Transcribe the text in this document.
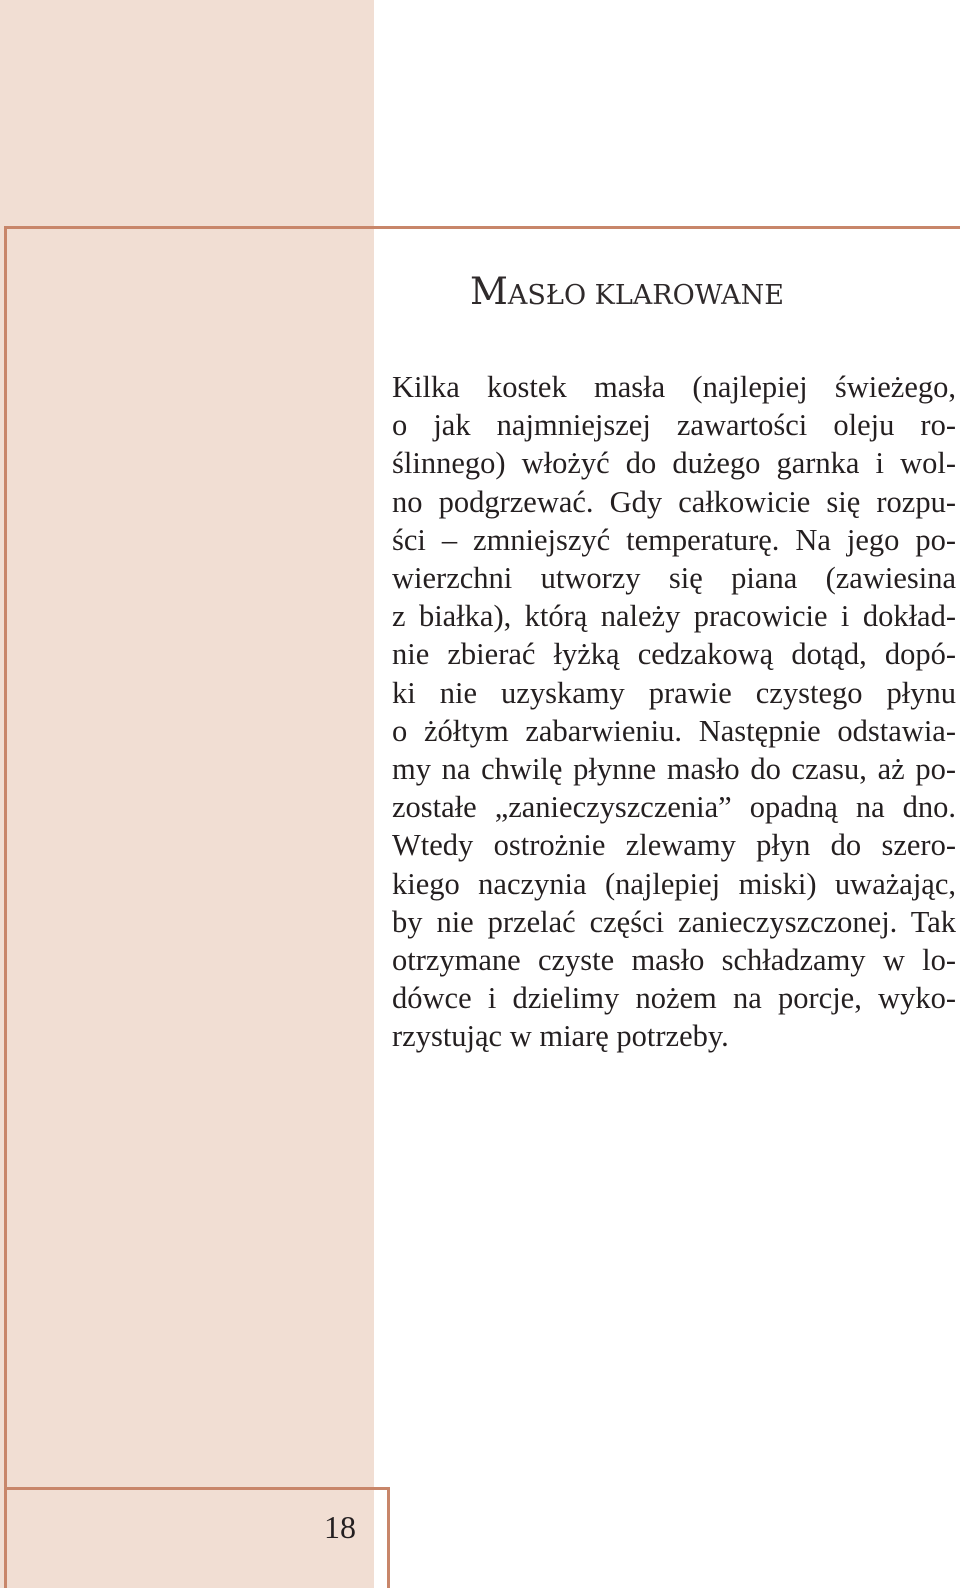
MASŁO KLAROWANE
Kilka kostek masła (najlepiej świeżego,
o jak najmniejszej zawartości oleju ro-
ślinnego) włożyć do dużego garnka i wol-
no podgrzewać. Gdy całkowicie się rozpu-
ści – zmniejszyć temperaturę. Na jego po-
wierzchni utworzy się piana (zawiesina
z białka), którą należy pracowicie i dokład-
nie zbierać łyżką cedzakową dotąd, dopó-
ki nie uzyskamy prawie czystego płynu
o żółtym zabarwieniu. Następnie odstawia-
my na chwilę płynne masło do czasu, aż po-
zostałe „zanieczyszczenia” opadną na dno.
Wtedy ostrożnie zlewamy płyn do szero-
kiego naczynia (najlepiej miski) uważając,
by nie przelać części zanieczyszczonej. Tak
otrzymane czyste masło schładzamy w lo-
dówce i dzielimy nożem na porcje, wyko-
rzystując w miarę potrzeby.
18
